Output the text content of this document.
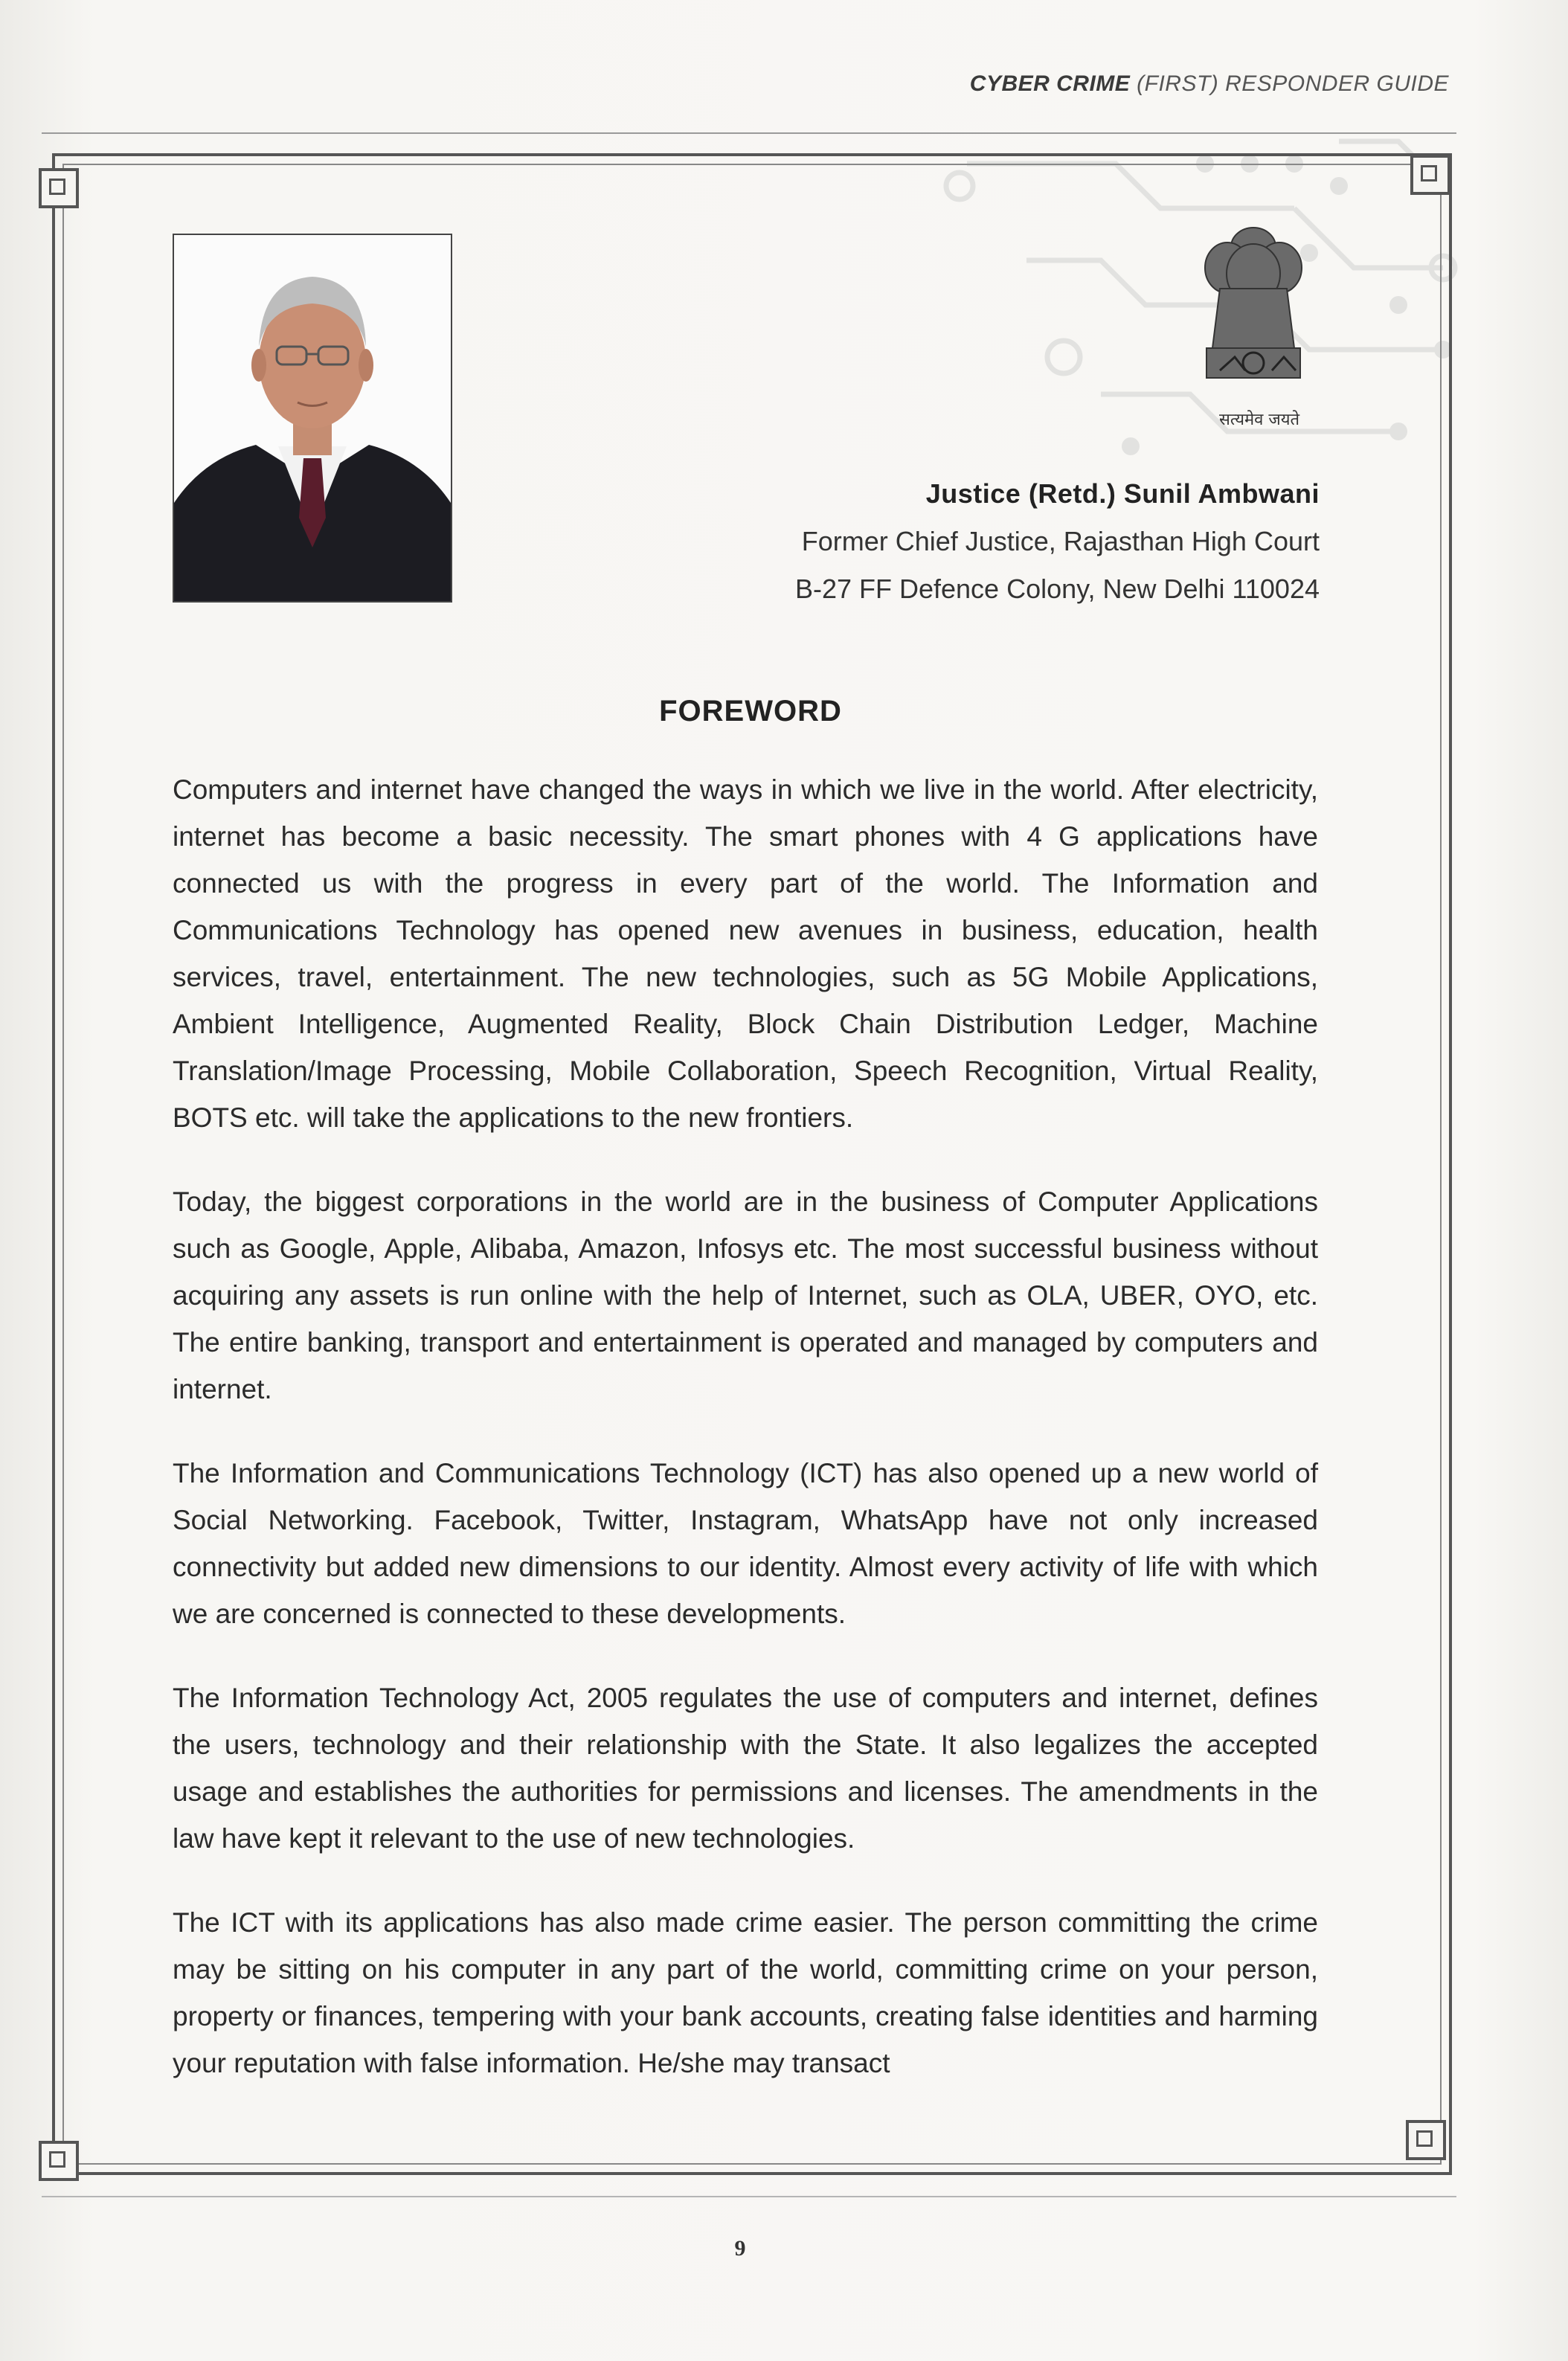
CYBER CRIME (FIRST) RESPONDER GUIDE
सत्यमेव जयते
Justice (Retd.) Sunil Ambwani
Former Chief Justice, Rajasthan High Court
B-27 FF Defence Colony, New Delhi 110024
FOREWORD

Computers and internet have changed the ways in which we live in the world. After electricity, internet has become a basic necessity. The smart phones with 4 G applications have connected us with the progress in every part of the world. The Information and Communications Technology has opened new avenues in business, education, health services, travel, entertainment. The new technologies, such as 5G Mobile Applications, Ambient Intelligence, Augmented Reality, Block Chain Distribution Ledger, Machine Translation/Image Processing, Mobile Collaboration, Speech Recognition, Virtual Reality, BOTS etc. will take the applications to the new frontiers.

Today, the biggest corporations in the world are in the business of Computer Applications such as Google, Apple, Alibaba, Amazon, Infosys etc. The most successful business without acquiring any assets is run online with the help of Internet, such as OLA, UBER, OYO, etc. The entire banking, transport and entertainment is operated and managed by computers and internet.

The Information and Communications Technology (ICT) has also opened up a new world of Social Networking. Facebook, Twitter, Instagram, WhatsApp have not only increased connectivity but added new dimensions to our identity. Almost every activity of life with which we are concerned is connected to these developments.

The Information Technology Act, 2005 regulates the use of computers and internet, defines the users, technology and their relationship with the State. It also legalizes the accepted usage and establishes the authorities for permissions and licenses. The amendments in the law have kept it relevant to the use of new technologies.

The ICT with its applications has also made crime easier. The person committing the crime may be sitting on his computer in any part of the world, committing crime on your person, property or finances, tempering with your bank accounts, creating false identities and harming your reputation with false information. He/she may transact

9
